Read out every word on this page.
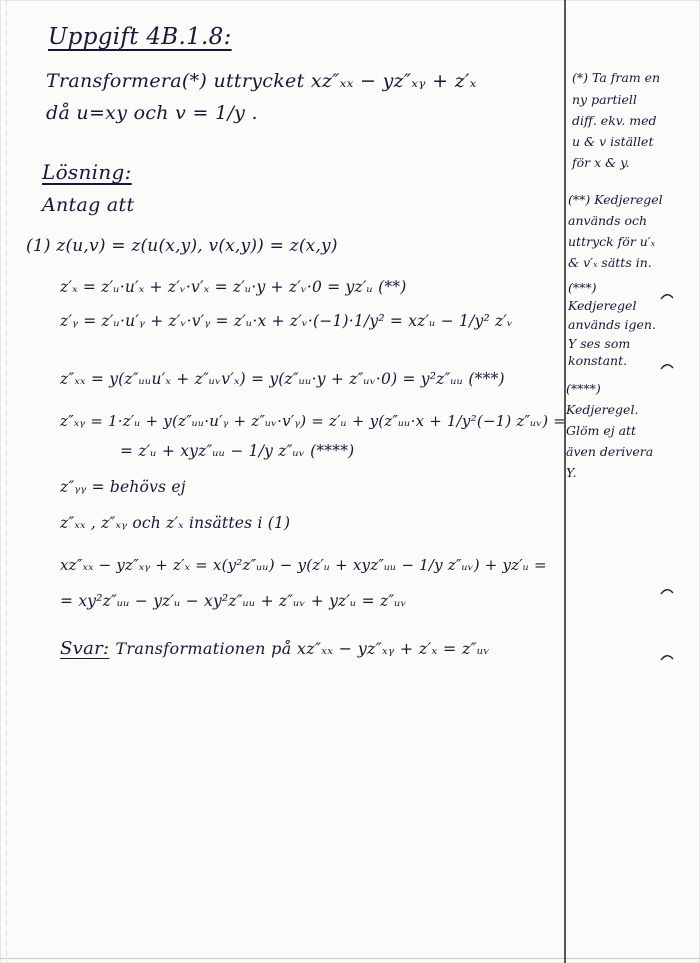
Uppgift 4B.1.8:

Transformera(*) uttrycket xz″ₓₓ − yz″ₓᵧ + z′ₓ

då u=xy och v = 1/y .

Lösning:

Antag att

(1) z(u,v) = z(u(x,y), v(x,y)) = z(x,y)

z′ₓ = z′ᵤ·u′ₓ + z′ᵥ·v′ₓ = z′ᵤ·y + z′ᵥ·0 = yz′ᵤ (**)

z′ᵧ = z′ᵤ·u′ᵧ + z′ᵥ·v′ᵧ = z′ᵤ·x + z′ᵥ·(−1)·1/y² = xz′ᵤ − 1/y² z′ᵥ

z″ₓₓ = y(z″ᵤᵤu′ₓ + z″ᵤᵥv′ₓ) = y(z″ᵤᵤ·y + z″ᵤᵥ·0) = y²z″ᵤᵤ (***)

z″ₓᵧ = 1·z′ᵤ + y(z″ᵤᵤ·u′ᵧ + z″ᵤᵥ·v′ᵧ) = z′ᵤ + y(z″ᵤᵤ·x + 1/y²(−1) z″ᵤᵥ) =

= z′ᵤ + xyz″ᵤᵤ − 1/y z″ᵤᵥ (****)

z″ᵧᵧ = behövs ej

z″ₓₓ , z″ₓᵧ och z′ₓ insättes i (1)

xz″ₓₓ − yz″ₓᵧ + z′ₓ = x(y²z″ᵤᵤ) − y(z′ᵤ + xyz″ᵤᵤ − 1/y z″ᵤᵥ) + yz′ᵤ =

= xy²z″ᵤᵤ − yz′ᵤ − xy²z″ᵤᵤ + z″ᵤᵥ + yz′ᵤ = z″ᵤᵥ

Svar: Transformationen på xz″ₓₓ − yz″ₓᵧ + z′ₓ = z″ᵤᵥ

(*) Ta fram en

ny partiell

diff. ekv. med

u & v istället

för x & y.

(**) Kedjeregel

används och

uttryck för u′ₓ

& v′ₓ sätts in.

(***)

Kedjeregel

används igen.

Y ses som

konstant.

(****)

Kedjeregel.

Glöm ej att

även derivera

Y.
